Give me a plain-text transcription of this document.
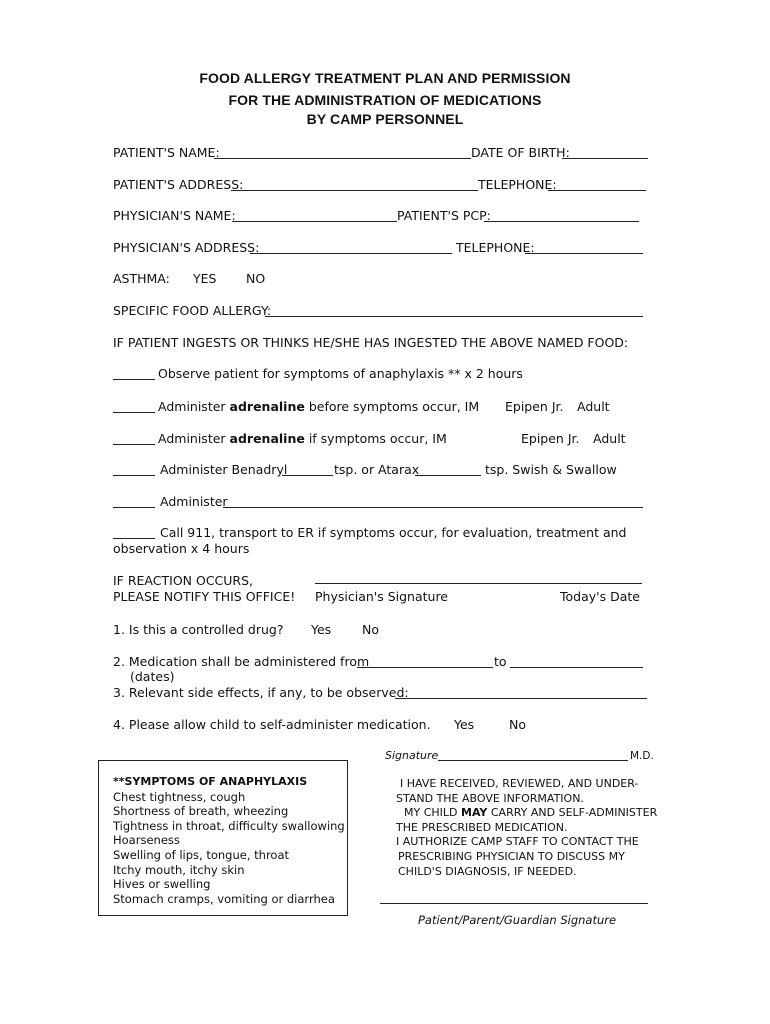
FOOD ALLERGY TREATMENT PLAN AND PERMISSION
FOR THE ADMINISTRATION OF MEDICATIONS
BY CAMP PERSONNEL
PATIENT'S NAME:	DATE OF BIRTH:
PATIENT'S ADDRESS:	TELEPHONE:
PHYSICIAN'S NAME:	PATIENT'S PCP:
PHYSICIAN'S ADDRESS:	TELEPHONE:
ASTHMA: YES NO
SPECIFIC FOOD ALLERGY:
IF PATIENT INGESTS OR THINKS HE/SHE HAS INGESTED THE ABOVE NAMED FOOD:
Observe patient for symptoms of anaphylaxis ** x 2 hours
Administer adrenaline before symptoms occur, IM Epipen Jr. Adult
Administer adrenaline if symptoms occur, IM	Epipen Jr. Adult
Administer Benadryl	tsp. or Atarax	tsp. Swish & Swallow
Administer
Call 911, transport to ER if symptoms occur, for evaluation, treatment and
observation x 4 hours
IF REACTION OCCURS,
PLEASE NOTIFY THIS OFFICE! Physician's Signature	Today's Date
1. Is this a controlled drug? Yes No
2. Medication shall be administered from	to
(dates)
3. Relevant side effects, if any, to be observed:
4. Please allow child to self-administer medication. Yes	No
Signature	M.D.
**SYMPTOMS OF ANAPHYLAXIS
Chest tightness, cough
Shortness of breath, wheezing
Tightness in throat, difficulty swallowing
Hoarseness
Swelling of lips, tongue, throat
Itchy mouth, itchy skin
Hives or swelling
Stomach cramps, vomiting or diarrhea
I HAVE RECEIVED, REVIEWED, AND UNDER-
STAND THE ABOVE INFORMATION.
MY CHILD MAY CARRY AND SELF-ADMINISTER
THE PRESCRIBED MEDICATION.
I AUTHORIZE CAMP STAFF TO CONTACT THE
PRESCRIBING PHYSICIAN TO DISCUSS MY
CHILD'S DIAGNOSIS, IF NEEDED.
Patient/Parent/Guardian Signature
